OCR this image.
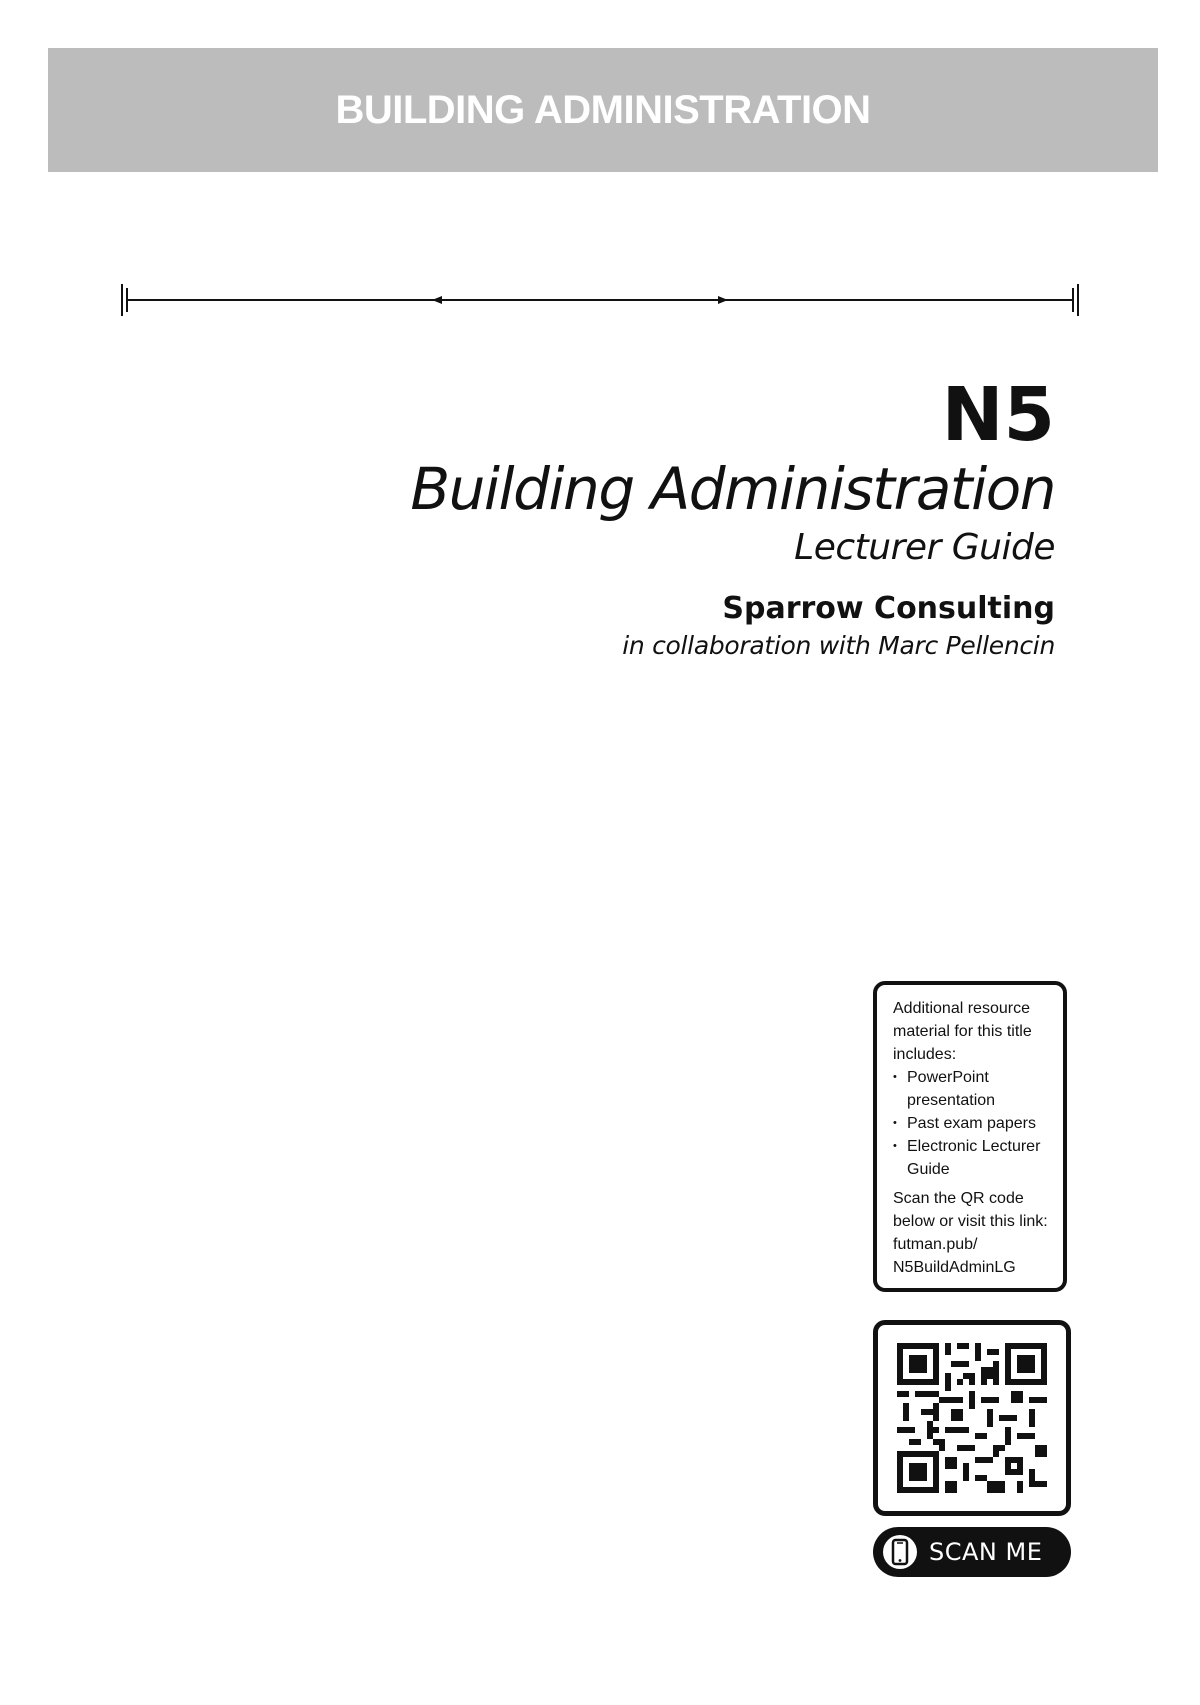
BUILDING ADMINISTRATION

N5

Building Administration

Lecturer Guide

Sparrow Consulting

in collaboration with Marc Pellencin

Additional resource material for this title includes:

• PowerPoint presentation
• Past exam papers
• Electronic Lecturer Guide

Scan the QR code below or visit this link: futman.pub/ N5BuildAdminLG

SCAN ME
